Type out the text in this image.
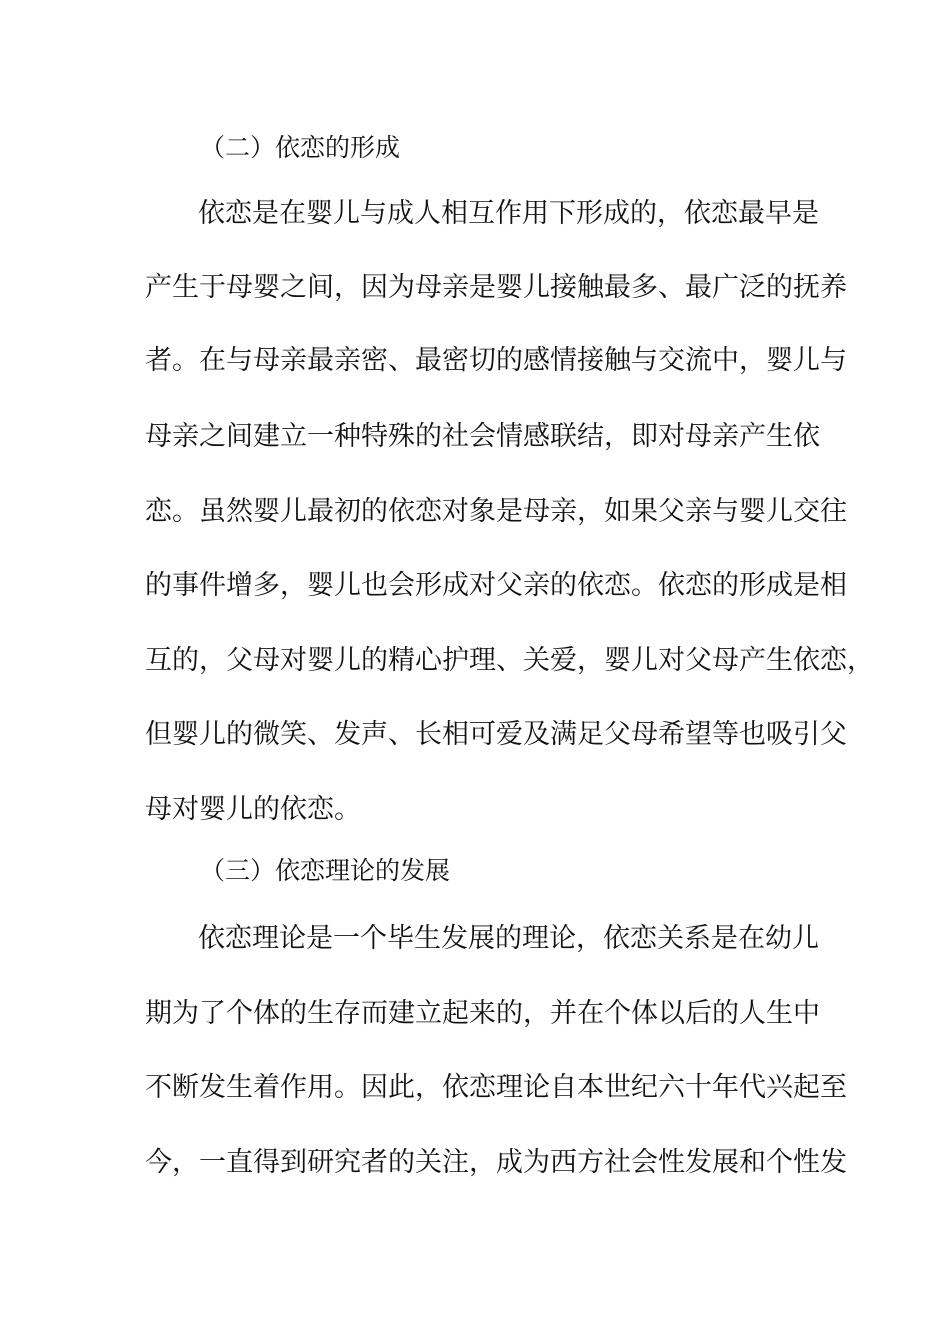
（二）依恋的形成
依恋是在婴儿与成人相互作用下形成的，依恋最早是
产生于母婴之间，因为母亲是婴儿接触最多、最广泛的抚养
者。在与母亲最亲密、最密切的感情接触与交流中，婴儿与
母亲之间建立一种特殊的社会情感联结，即对母亲产生依
恋。虽然婴儿最初的依恋对象是母亲，如果父亲与婴儿交往
的事件增多，婴儿也会形成对父亲的依恋。依恋的形成是相
互的，父母对婴儿的精心护理、关爱，婴儿对父母产生依恋，
但婴儿的微笑、发声、长相可爱及满足父母希望等也吸引父
母对婴儿的依恋。
（三）依恋理论的发展
依恋理论是一个毕生发展的理论，依恋关系是在幼儿
期为了个体的生存而建立起来的，并在个体以后的人生中
不断发生着作用。因此，依恋理论自本世纪六十年代兴起至
今，一直得到研究者的关注，成为西方社会性发展和个性发
